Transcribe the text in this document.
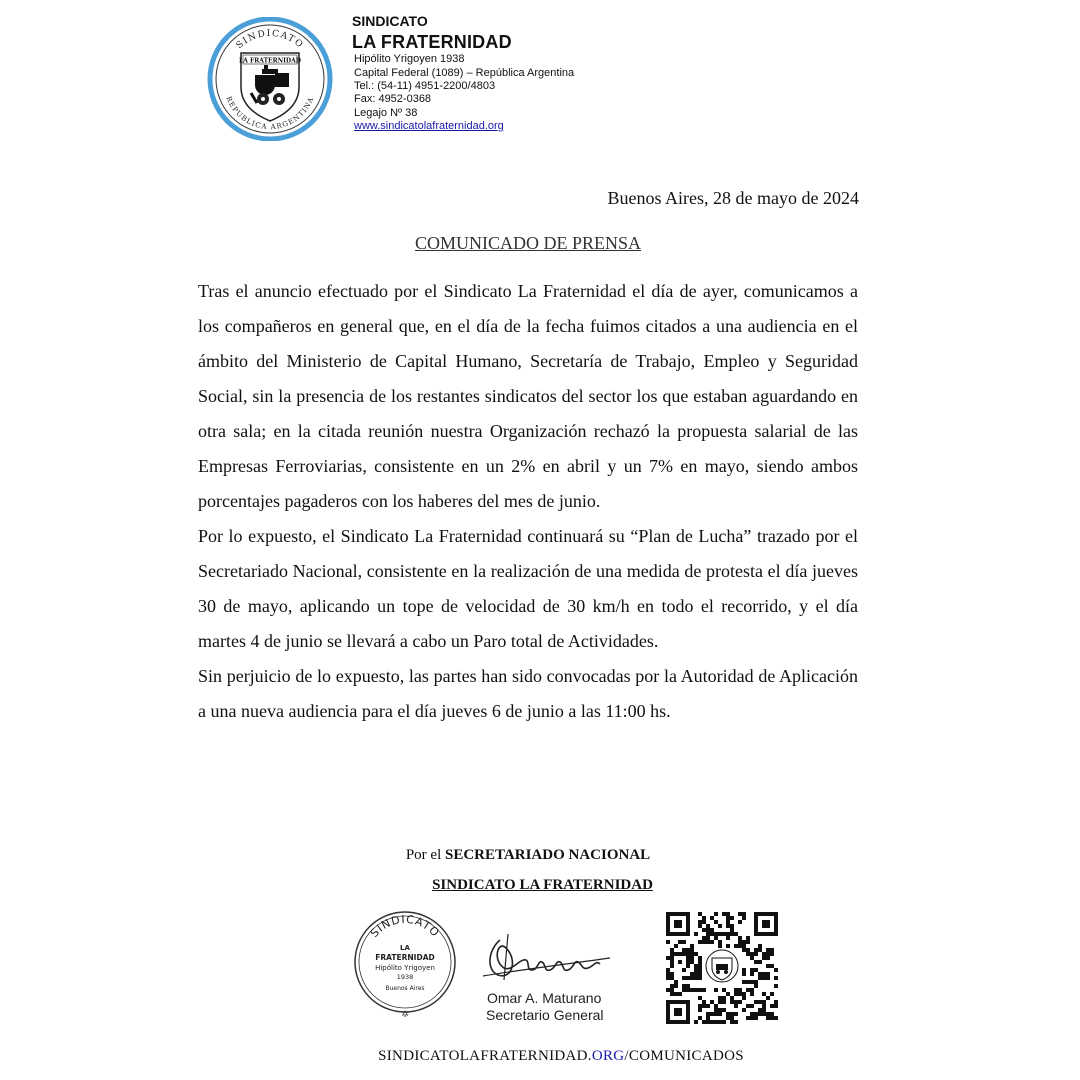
SINDICATO
REPUBLICA ARGENTINA
LA FRATERNIDAD
SINDICATO
LA FRATERNIDAD
Hipólito Yrigoyen 1938
Capital Federal (1089) – República Argentina
Tel.: (54-11) 4951-2200/4803
Fax: 4952-0368
Legajo Nº 38
www.sindicatolafraternidad.org
Buenos Aires, 28 de mayo de 2024
COMUNICADO DE PRENSA

Tras el anuncio efectuado por el Sindicato La Fraternidad el día de ayer, comunicamos a los compañeros en general que, en el día de la fecha fuimos citados a una audiencia en el ámbito del Ministerio de Capital Humano, Secretaría de Trabajo, Empleo y Seguridad Social, sin la presencia de los restantes sindicatos del sector los que estaban aguardando en otra sala; en la citada reunión nuestra Organización rechazó la propuesta salarial de las Empresas Ferroviarias, consistente en un 2% en abril y un 7% en mayo, siendo ambos porcentajes pagaderos con los haberes del mes de junio.

Por lo expuesto, el Sindicato La Fraternidad continuará su “Plan de Lucha” trazado por el Secretariado Nacional, consistente en la realización de una medida de protesta el día jueves 30 de mayo, aplicando un tope de velocidad de 30 km/h en todo el recorrido, y el día martes 4 de junio se llevará a cabo un Paro total de Actividades.

Sin perjuicio de lo expuesto, las partes han sido convocadas por la Autoridad de Aplicación a una nueva audiencia para el día jueves 6 de junio a las 11:00 hs.

Por el SECRETARIADO NACIONAL
SINDICATO LA FRATERNIDAD
SINDICATO
LA
FRATERNIDAD
Hipólito Yrigoyen
1938
Buenos Aires
✲
Omar A. Maturano
Secretario General
SINDICATOLAFRATERNIDAD.ORG/COMUNICADOS
